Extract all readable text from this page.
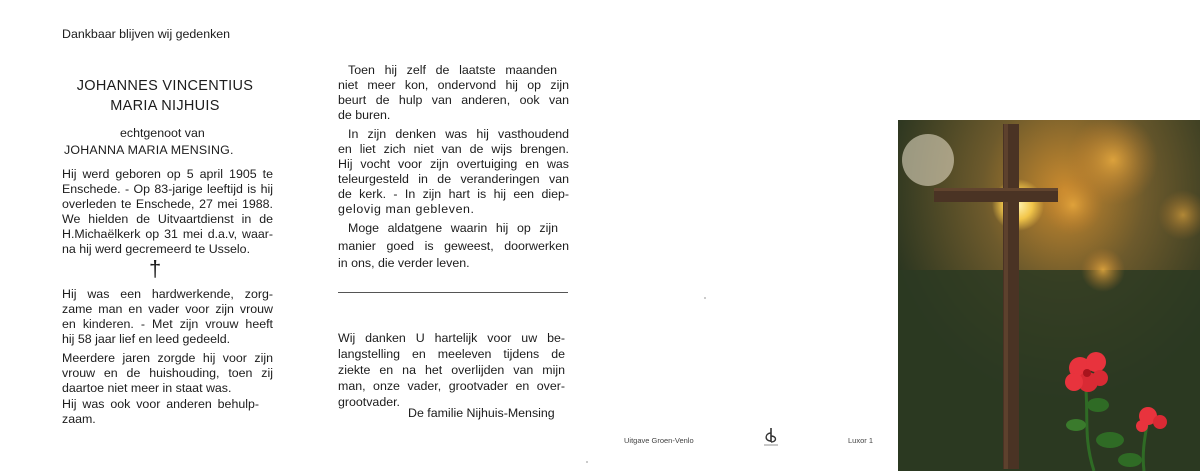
Dankbaar blijven wij gedenken
JOHANNES VINCENTIUS
MARIA NIJHUIS
echtgenoot van
JOHANNA MARIA MENSING.
Hij werd geboren op 5 april 1905 te
Enschede. - Op 83-jarige leeftijd is hij
overleden te Enschede, 27 mei 1988.
We hielden de Uitvaartdienst in de
H.Michaëlkerk op 31 mei d.a.v, waar-
na hij werd gecremeerd te Usselo.
†
Hij was een hardwerkende, zorg-
zame man en vader voor zijn vrouw
en kinderen. - Met zijn vrouw heeft
hij 58 jaar lief en leed gedeeld.
Meerdere jaren zorgde hij voor zijn
vrouw en de huishouding, toen zij
daartoe niet meer in staat was.
Hij was ook voor anderen behulp-
zaam.
Toen hij zelf de laatste maanden
niet meer kon, ondervond hij op zijn
beurt de hulp van anderen, ook van
de buren.
In zijn denken was hij vasthoudend
en liet zich niet van de wijs brengen.
Hij vocht voor zijn overtuiging en was
teleurgesteld in de veranderingen van
de kerk. - In zijn hart is hij een diep-
gelovig man gebleven.
Moge aldatgene waarin hij op zijn
manier goed is geweest, doorwerken
in ons, die verder leven.
Wij danken U hartelijk voor uw be-
langstelling en meeleven tijdens de
ziekte en na het overlijden van mijn
man, onze vader, grootvader en over-
grootvader.
De familie Nijhuis-Mensing
Uitgave Groen-Venlo	Luxor 1
